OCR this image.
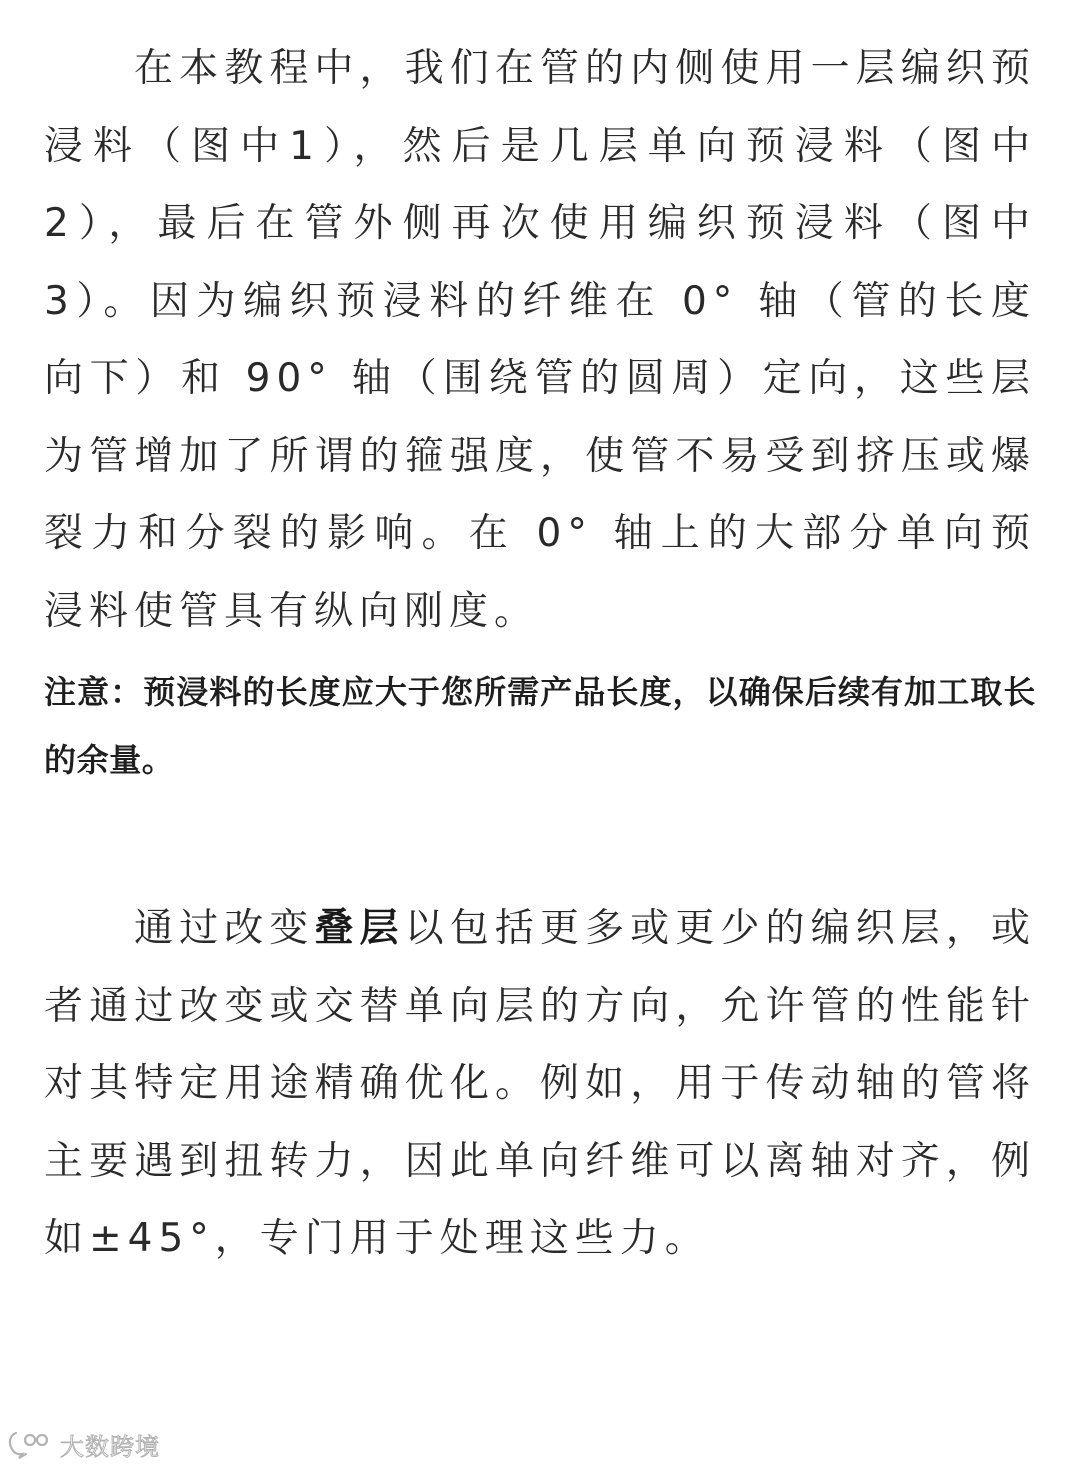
在本教程中，我们在管的内侧使用一层编织预浸料（图中1），然后是几层单向预浸料（图中2），最后在管外侧再次使用编织预浸料（图中3）。因为编织预浸料的纤维在 0° 轴（管的长度向下）和 90° 轴（围绕管的圆周）定向，这些层为管增加了所谓的箍强度，使管不易受到挤压或爆裂力和分裂的影响。在 0° 轴上的大部分单向预浸料使管具有纵向刚度。

注意：预浸料的长度应大于您所需产品长度，以确保后续有加工取长的余量。

通过改变叠层以包括更多或更少的编织层，或者通过改变或交替单向层的方向，允许管的性能针对其特定用途精确优化。例如，用于传动轴的管将主要遇到扭转力，因此单向纤维可以离轴对齐，例如±45°，专门用于处理这些力。

大数跨境
